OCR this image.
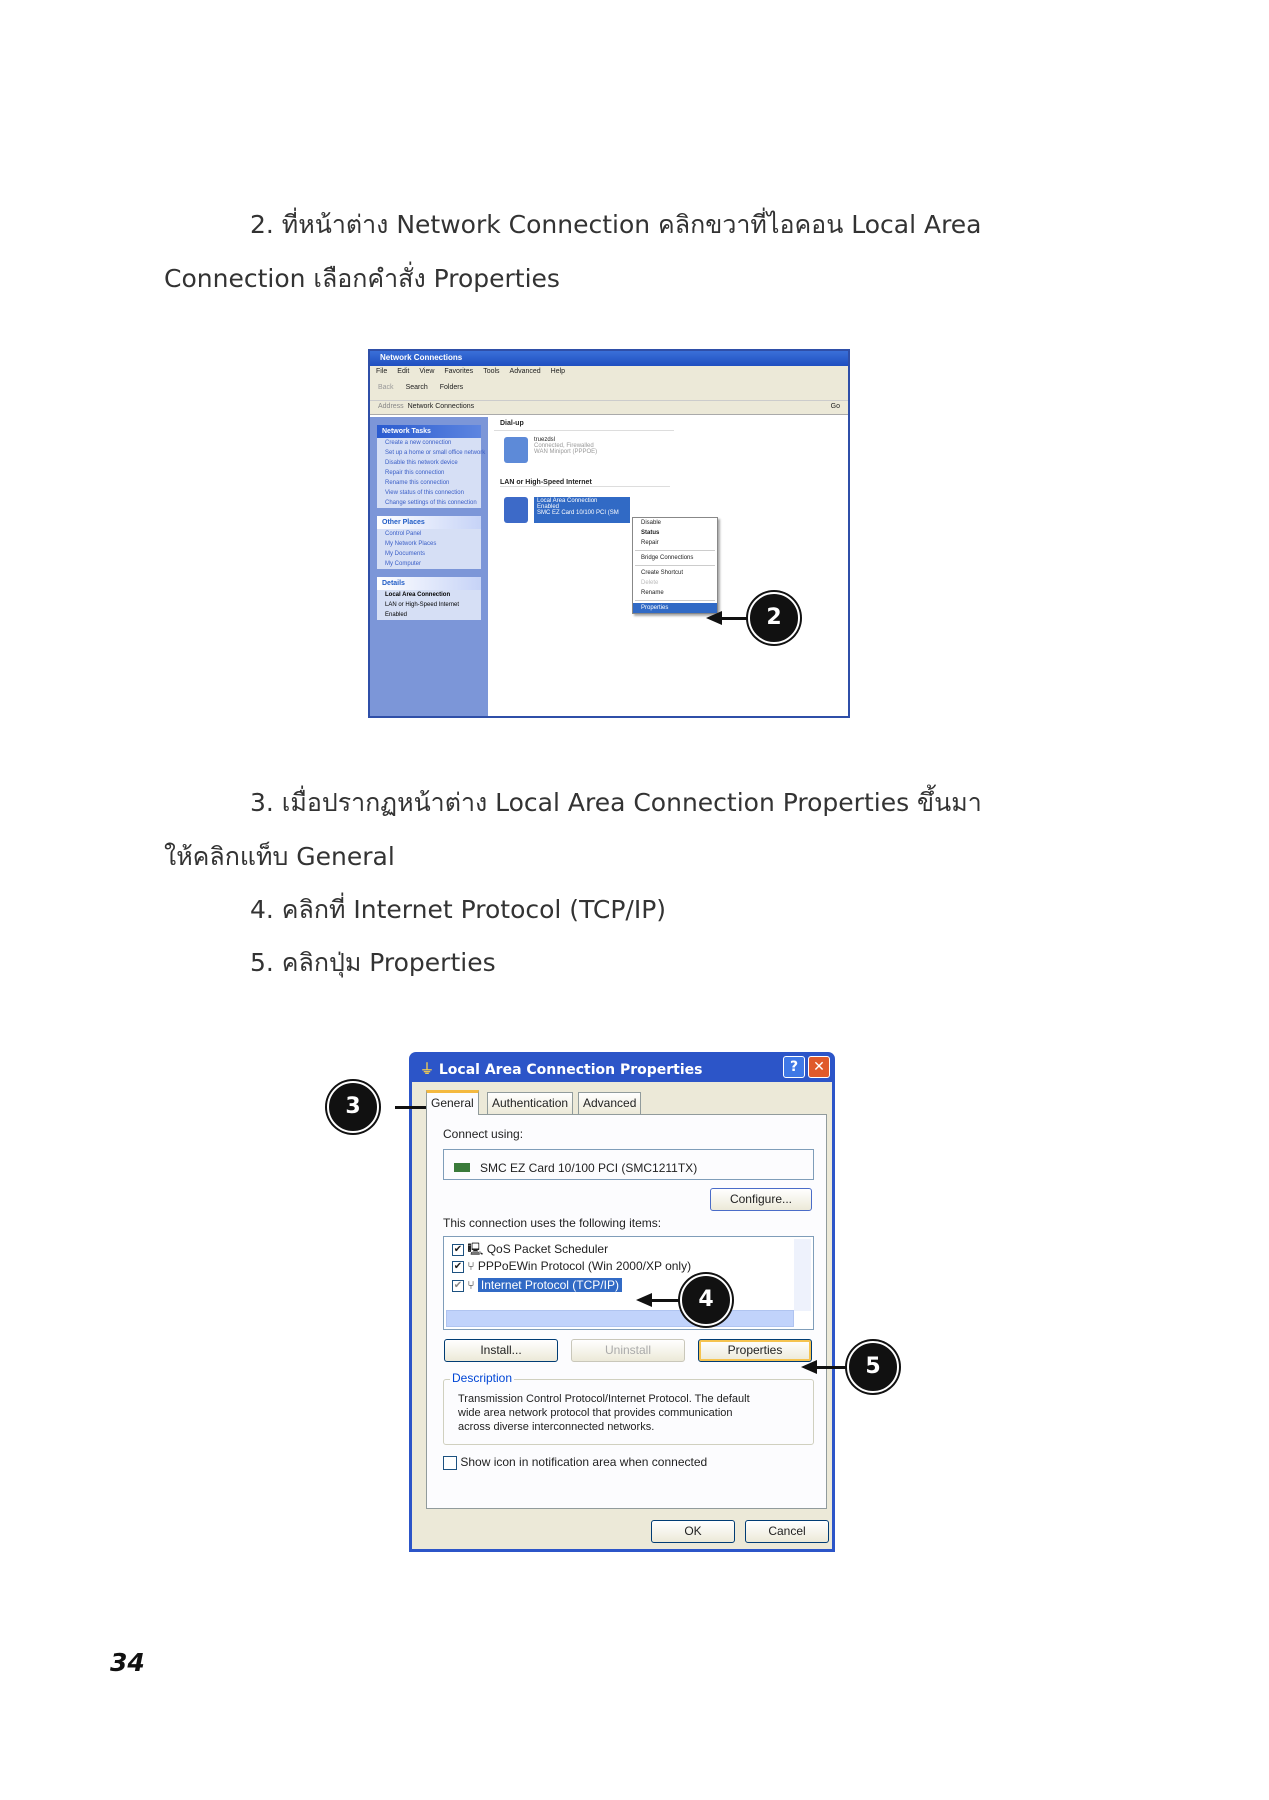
2. ที่หน้าต่าง Network Connection คลิกขวาที่ไอคอน Local Area
Connection เลือกคำสั่ง Properties
Network Connections
File Edit View Favorites Tools Advanced Help
Back Search Folders
Address Network Connections	Go
Network Tasks
Create a new connection
Set up a home or small office network
Disable this network device
Repair this connection
Rename this connection
View status of this connection
Change settings of this connection
Other Places
Control Panel
My Network Places
My Documents
My Computer
Details
Local Area Connection
LAN or High-Speed Internet
Enabled
Dial-up
truezdsl
Connected, Firewalled
WAN Miniport (PPPOE)
LAN or High-Speed Internet
Local Area Connection
Enabled
SMC EZ Card 10/100 PCI (SM
Disable
Status
Repair
Bridge Connections
Create Shortcut
Delete
Rename
Properties	2
3. เมื่อปรากฏหน้าต่าง Local Area Connection Properties ขึ้นมา
ให้คลิกแท็บ General
4. คลิกที่ Internet Protocol (TCP/IP)
5. คลิกปุ่ม Properties
⏚ Local Area Connection Properties	?	✕
General	Authentication	Advanced
Connect using:
SMC EZ Card 10/100 PCI (SMC1211TX)
Configure...
This connection uses the following items:
✔ 🖳 QoS Packet Scheduler
✔ ⑂ PPPoEWin Protocol (Win 2000/XP only)
✔ ⑂ Internet Protocol (TCP/IP)
Install...	Uninstall	Properties
Description
Transmission Control Protocol/Internet Protocol. The default wide area network protocol that provides communication across diverse interconnected networks.
Show icon in notification area when connected
OK	Cancel
3
4
5
34
